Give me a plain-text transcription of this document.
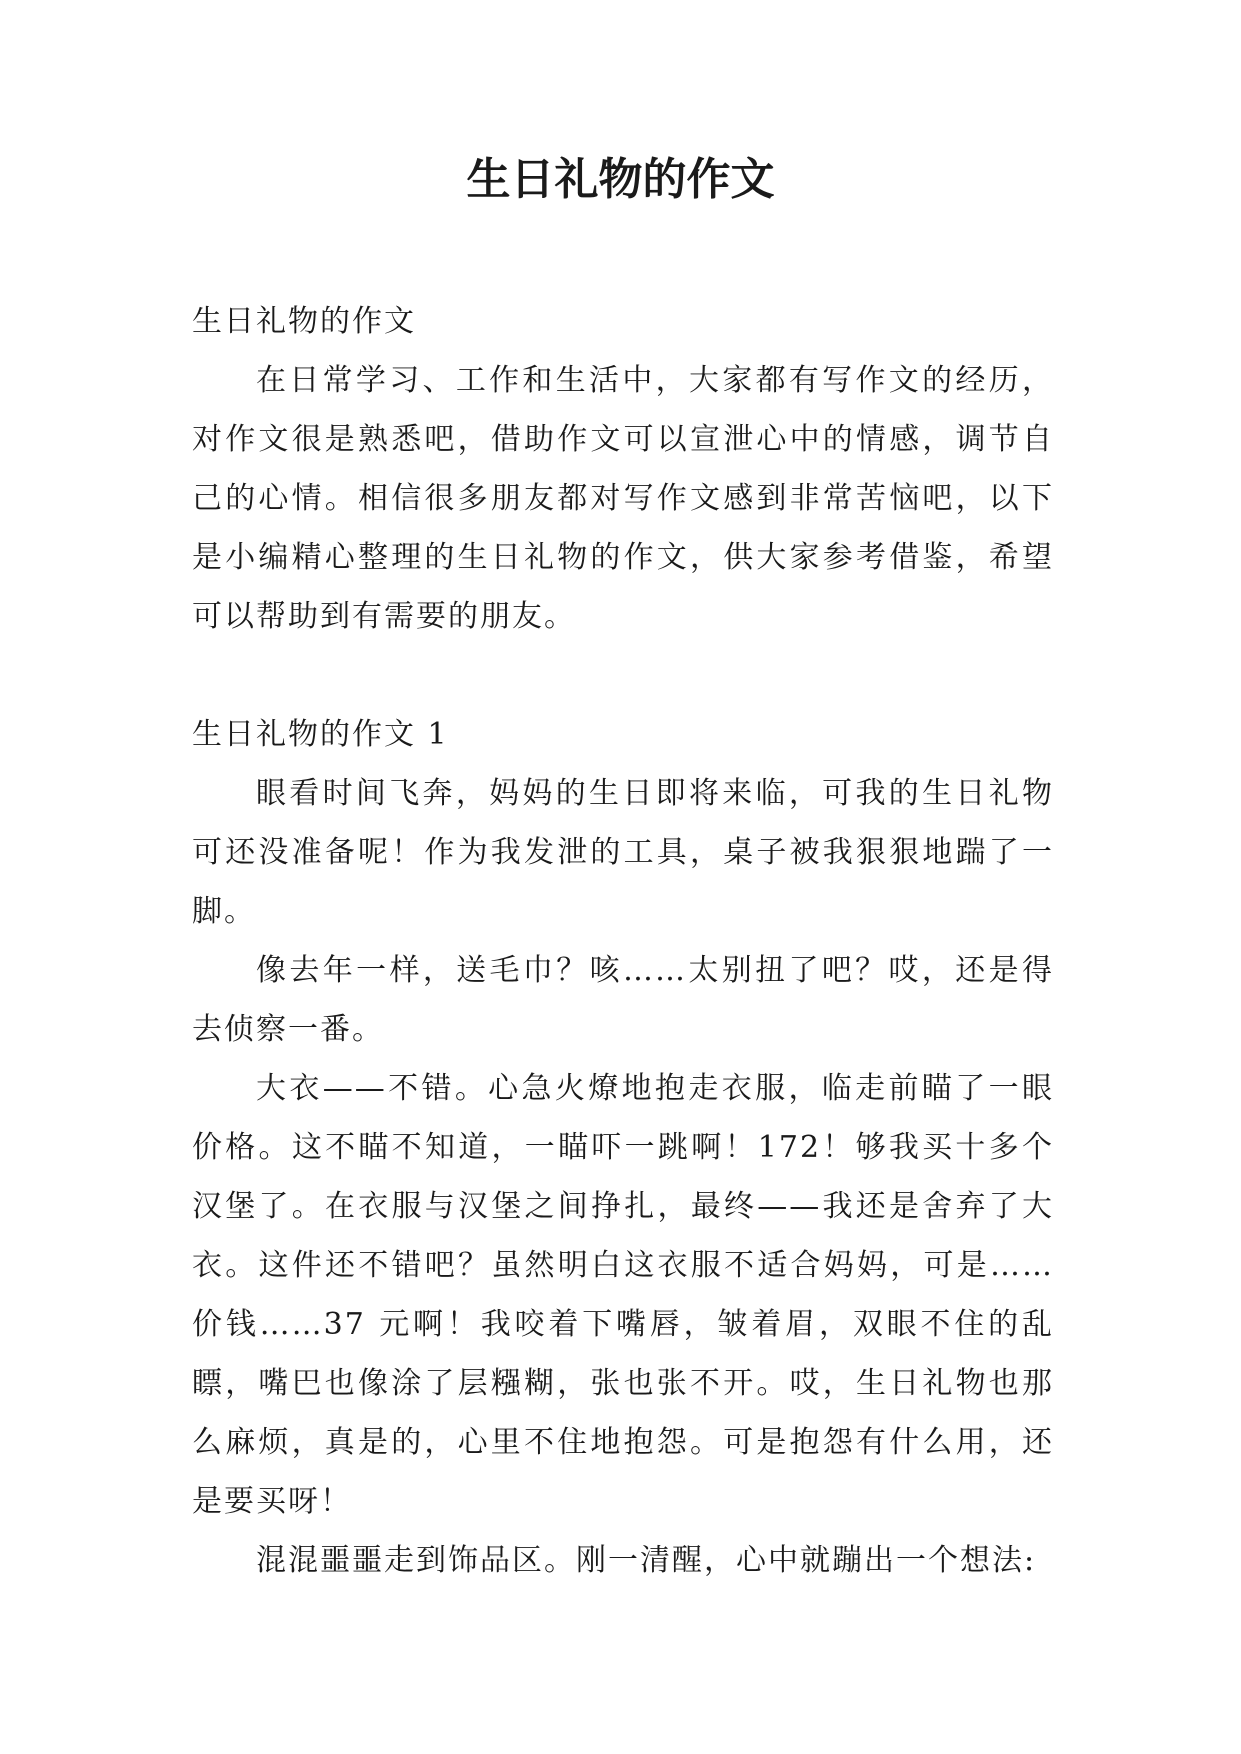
生日礼物的作文

生日礼物的作文

在日常学习、工作和生活中，大家都有写作文的经历，对作文很是熟悉吧，借助作文可以宣泄心中的情感，调节自己的心情。相信很多朋友都对写作文感到非常苦恼吧，以下是小编精心整理的生日礼物的作文，供大家参考借鉴，希望可以帮助到有需要的朋友。

生日礼物的作文 1

眼看时间飞奔，妈妈的生日即将来临，可我的生日礼物可还没准备呢！作为我发泄的工具，桌子被我狠狠地踹了一脚。

像去年一样，送毛巾？咳……太别扭了吧？哎，还是得去侦察一番。

大衣——不错。心急火燎地抱走衣服，临走前瞄了一眼价格。这不瞄不知道，一瞄吓一跳啊！172！够我买十多个汉堡了。在衣服与汉堡之间挣扎，最终——我还是舍弃了大衣。这件还不错吧？虽然明白这衣服不适合妈妈，可是……价钱……37 元啊！我咬着下嘴唇，皱着眉，双眼不住的乱瞟，嘴巴也像涂了层糨糊，张也张不开。哎，生日礼物也那么麻烦，真是的，心里不住地抱怨。可是抱怨有什么用，还是要买呀！

混混噩噩走到饰品区。刚一清醒，心中就蹦出一个想法:
